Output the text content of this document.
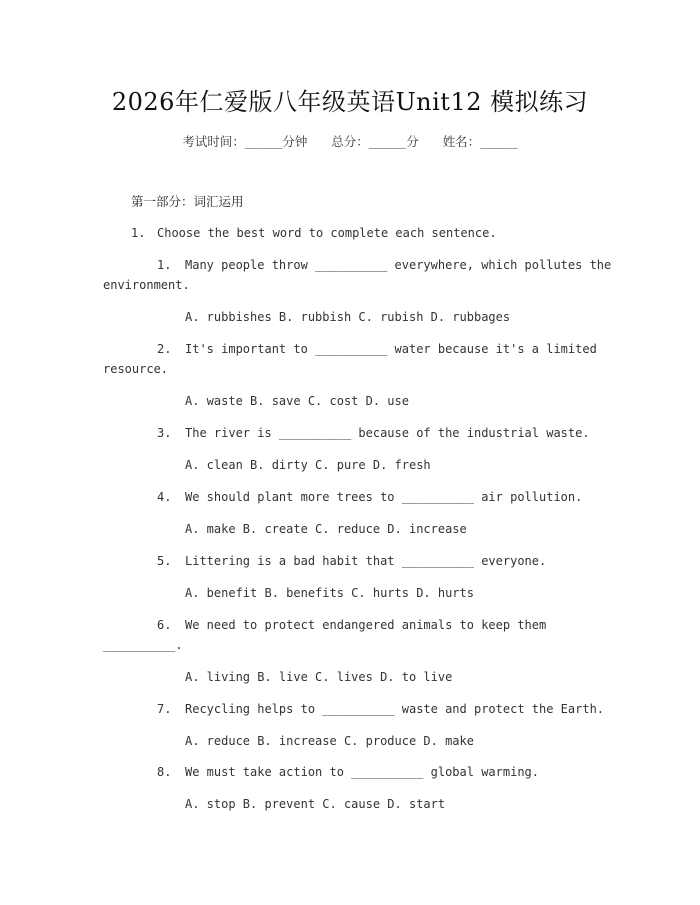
2026年仁爱版八年级英语Unit12 模拟练习
考试时间：______分钟 总分：______分 姓名：______
第一部分：词汇运用
1. Choose the best word to complete each sentence.
1. Many people throw __________ everywhere, which pollutes the
environment.
A. rubbishes B. rubbish C. rubish D. rubbages
2. It's important to __________ water because it's a limited
resource.
A. waste B. save C. cost D. use
3. The river is __________ because of the industrial waste.
A. clean B. dirty C. pure D. fresh
4. We should plant more trees to __________ air pollution.
A. make B. create C. reduce D. increase
5. Littering is a bad habit that __________ everyone.
A. benefit B. benefits C. hurts D. hurts
6. We need to protect endangered animals to keep them
__________.
A. living B. live C. lives D. to live
7. Recycling helps to __________ waste and protect the Earth.
A. reduce B. increase C. produce D. make
8. We must take action to __________ global warming.
A. stop B. prevent C. cause D. start
